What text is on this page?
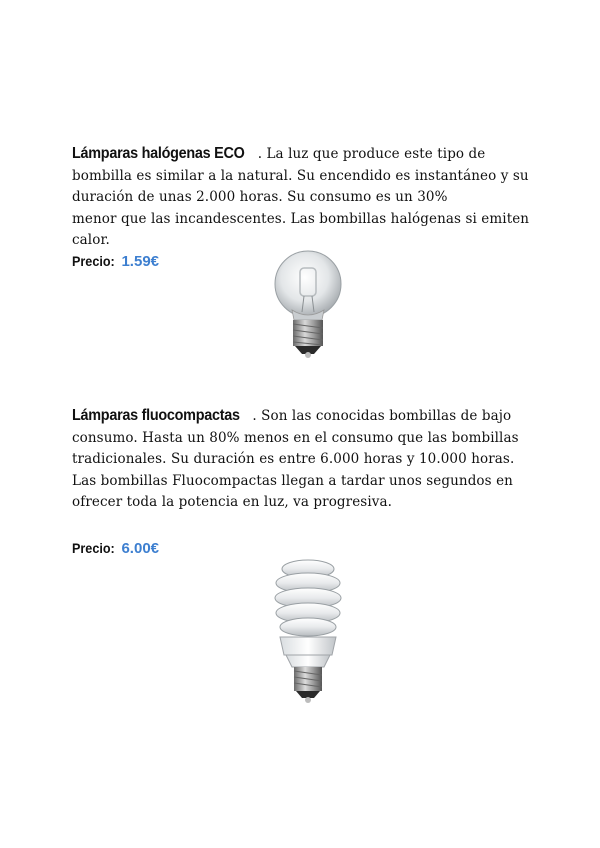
Lámparas halógenas ECO . La luz que produce este tipo de bombilla es similar a la natural. Su encendido es instantáneo y su duración de unas 2.000 horas. Su consumo es un 30%

menor que las incandescentes. Las bombillas halógenas si emiten calor.

Precio: 1.59€

Lámparas fluocompactas . Son las conocidas bombillas de bajo consumo. Hasta un 80% menos en el consumo que las bombillas tradicionales. Su duración es entre 6.000 horas y 10.000 horas. Las bombillas Fluocompactas llegan a tardar unos segundos en ofrecer toda la potencia en luz, va progresiva.

Precio: 6.00€
